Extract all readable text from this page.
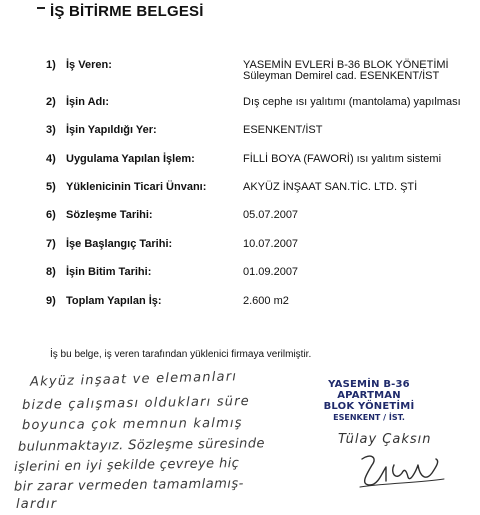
İŞ BİTİRME BELGESİ
1) İş Veren:	YASEMİN EVLERİ B-36 BLOK YÖNETİMİ
Süleyman Demirel cad. ESENKENT/İST
2) İşin Adı:	Dış cephe ısı yalıtımı (mantolama) yapılması
3) İşin Yapıldığı Yer:	ESENKENT/İST
4) Uygulama Yapılan İşlem:	FİLLİ BOYA (FAWORİ) ısı yalıtım sistemi
5) Yüklenicinin Ticari Ünvanı:	AKYÜZ İNŞAAT SAN.TİC. LTD. ŞTİ
6) Sözleşme Tarihi:	05.07.2007
7) İşe Başlangıç Tarihi:	10.07.2007
8) İşin Bitim Tarihi:	01.09.2007
9) Toplam Yapılan İş:	2.600 m2
İş bu belge, iş veren tarafından yüklenici firmaya verilmiştir.
Akyüz inşaat ve elemanları
bizde çalışması oldukları süre
boyunca çok memnun kalmış
bulunmaktayız. Sözleşme süresinde
işlerini en iyi şekilde çevreye hiç
bir zarar vermeden tamamlamış-
lardır
YASEMİN B-36
APARTMAN
BLOK YÖNETİMİ
ESENKENT / İST.
Tülay Çaksın
